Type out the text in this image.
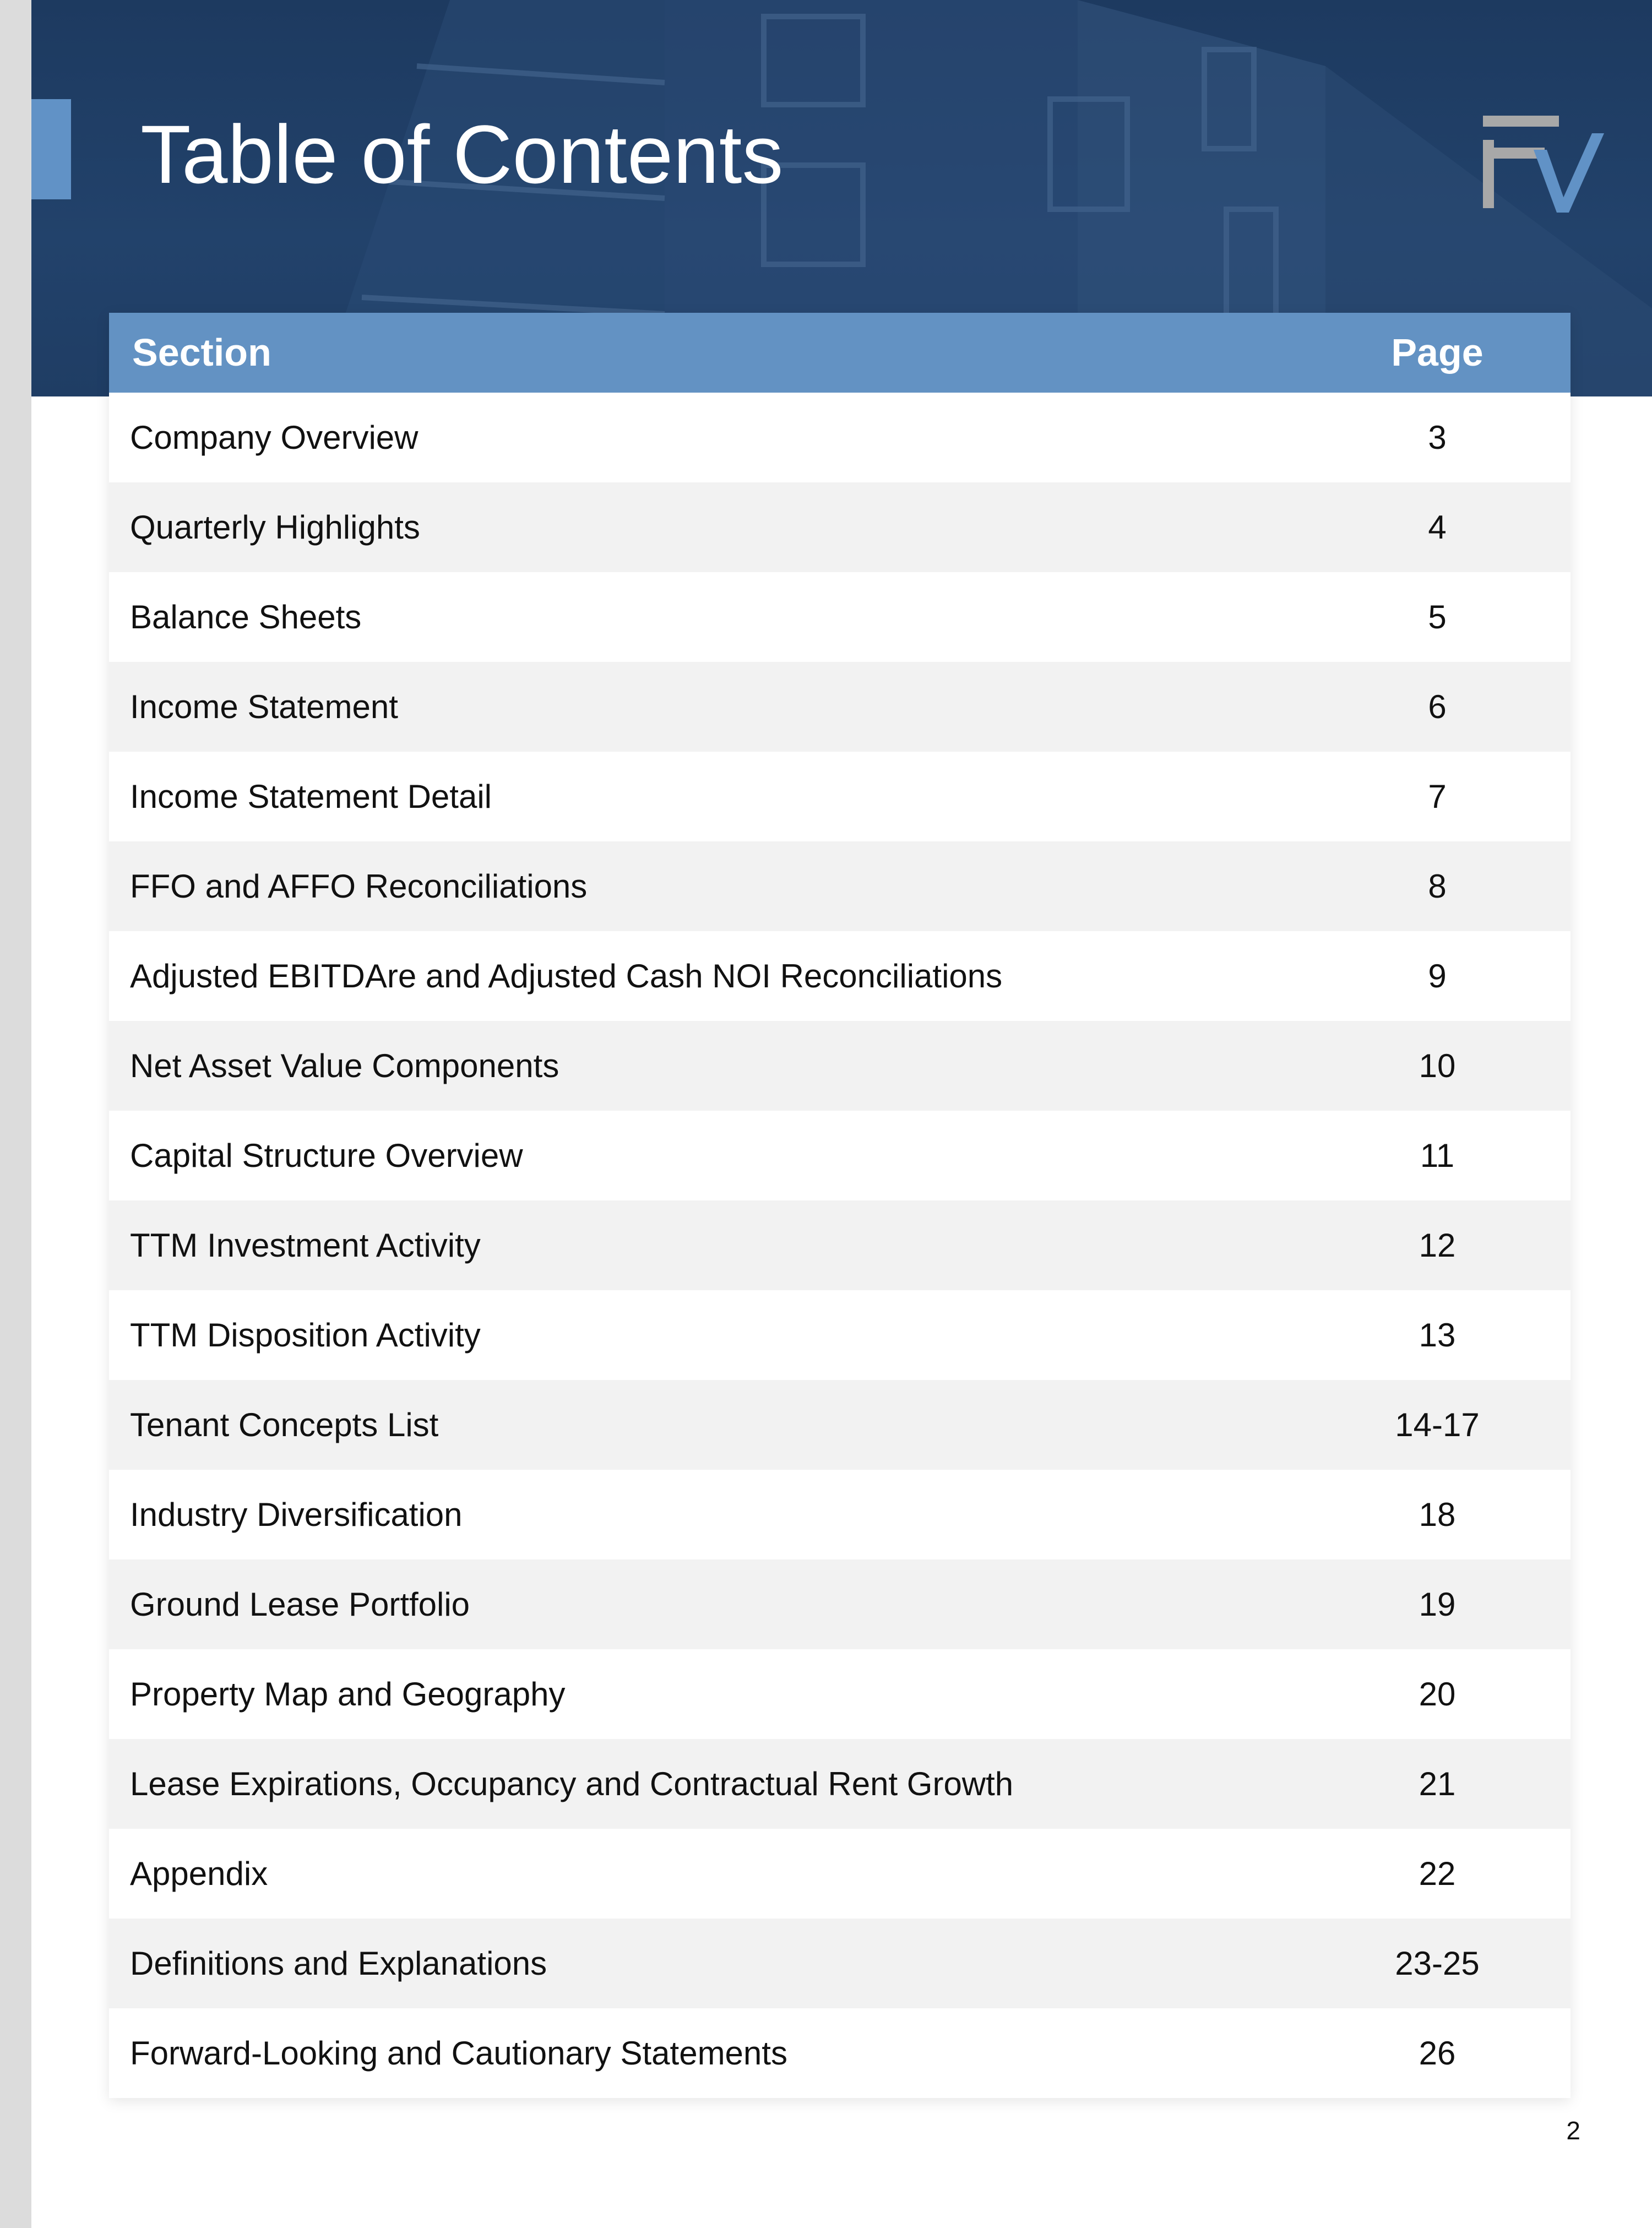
Table of Contents
Section	Page
Company Overview	3
Quarterly Highlights	4
Balance Sheets	5
Income Statement	6
Income Statement Detail	7
FFO and AFFO Reconciliations	8
Adjusted EBITDAre and Adjusted Cash NOI Reconciliations	9
Net Asset Value Components	10
Capital Structure Overview	11
TTM Investment Activity	12
TTM Disposition Activity	13
Tenant Concepts List	14-17
Industry Diversification	18
Ground Lease Portfolio	19
Property Map and Geography	20
Lease Expirations, Occupancy and Contractual Rent Growth	21
Appendix	22
Definitions and Explanations	23-25
Forward-Looking and Cautionary Statements	26
2
